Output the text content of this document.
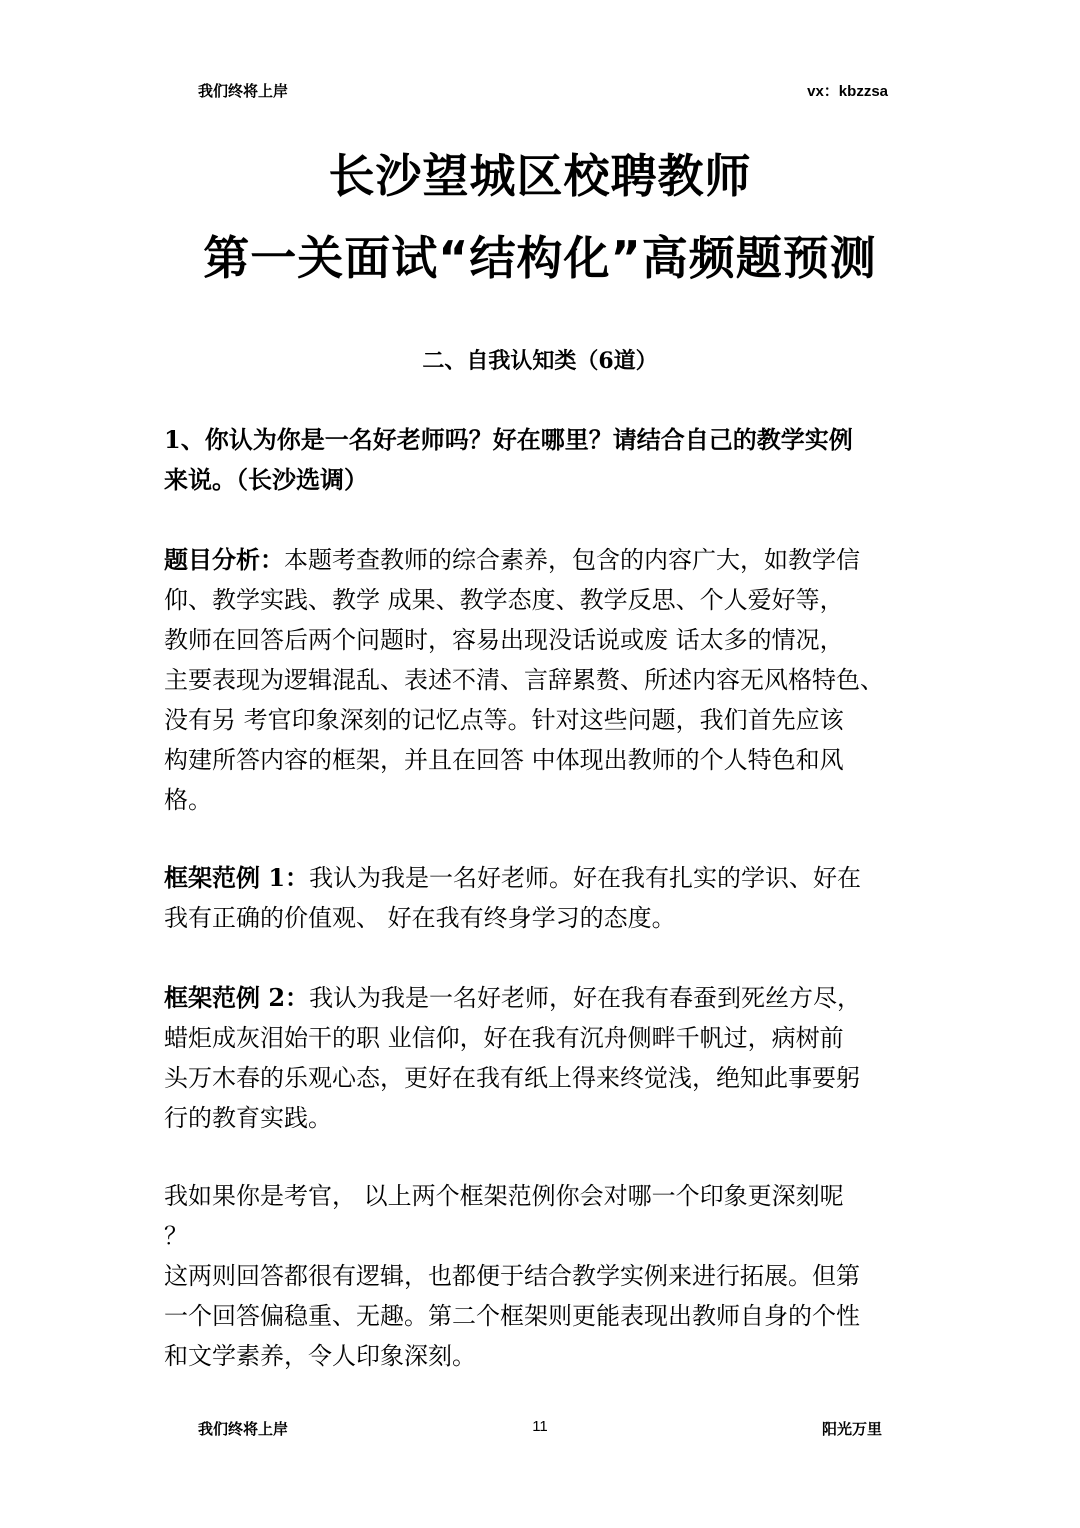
我们终将上岸	vx：kbzzsa
长沙望城区校聘教师
第一关面试“结构化”高频题预测
二、自我认知类（6道）
1、你认为你是一名好老师吗？好在哪里？请结合自己的教学实例
来说。（长沙选调）
题目分析：本题考查教师的综合素养，包含的内容广大，如教学信
仰、教学实践、教学 成果、教学态度、教学反思、个人爱好等，
教师在回答后两个问题时，容易出现没话说或废 话太多的情况，
主要表现为逻辑混乱、表述不清、言辞累赘、所述内容无风格特色、
没有另 考官印象深刻的记忆点等。针对这些问题，我们首先应该
构建所答内容的框架，并且在回答 中体现出教师的个人特色和风
格。
框架范例 1：我认为我是一名好老师。好在我有扎实的学识、好在
我有正确的价值观、 好在我有终身学习的态度。
框架范例 2：我认为我是一名好老师，好在我有春蚕到死丝方尽，
蜡炬成灰泪始干的职 业信仰，好在我有沉舟侧畔千帆过，病树前
头万木春的乐观心态，更好在我有纸上得来终觉浅，绝知此事要躬
行的教育实践。
我如果你是考官， 以上两个框架范例你会对哪一个印象更深刻呢
？
这两则回答都很有逻辑，也都便于结合教学实例来进行拓展。但第
一个回答偏稳重、无趣。第二个框架则更能表现出教师自身的个性
和文学素养，令人印象深刻。
我们终将上岸	11	阳光万里
